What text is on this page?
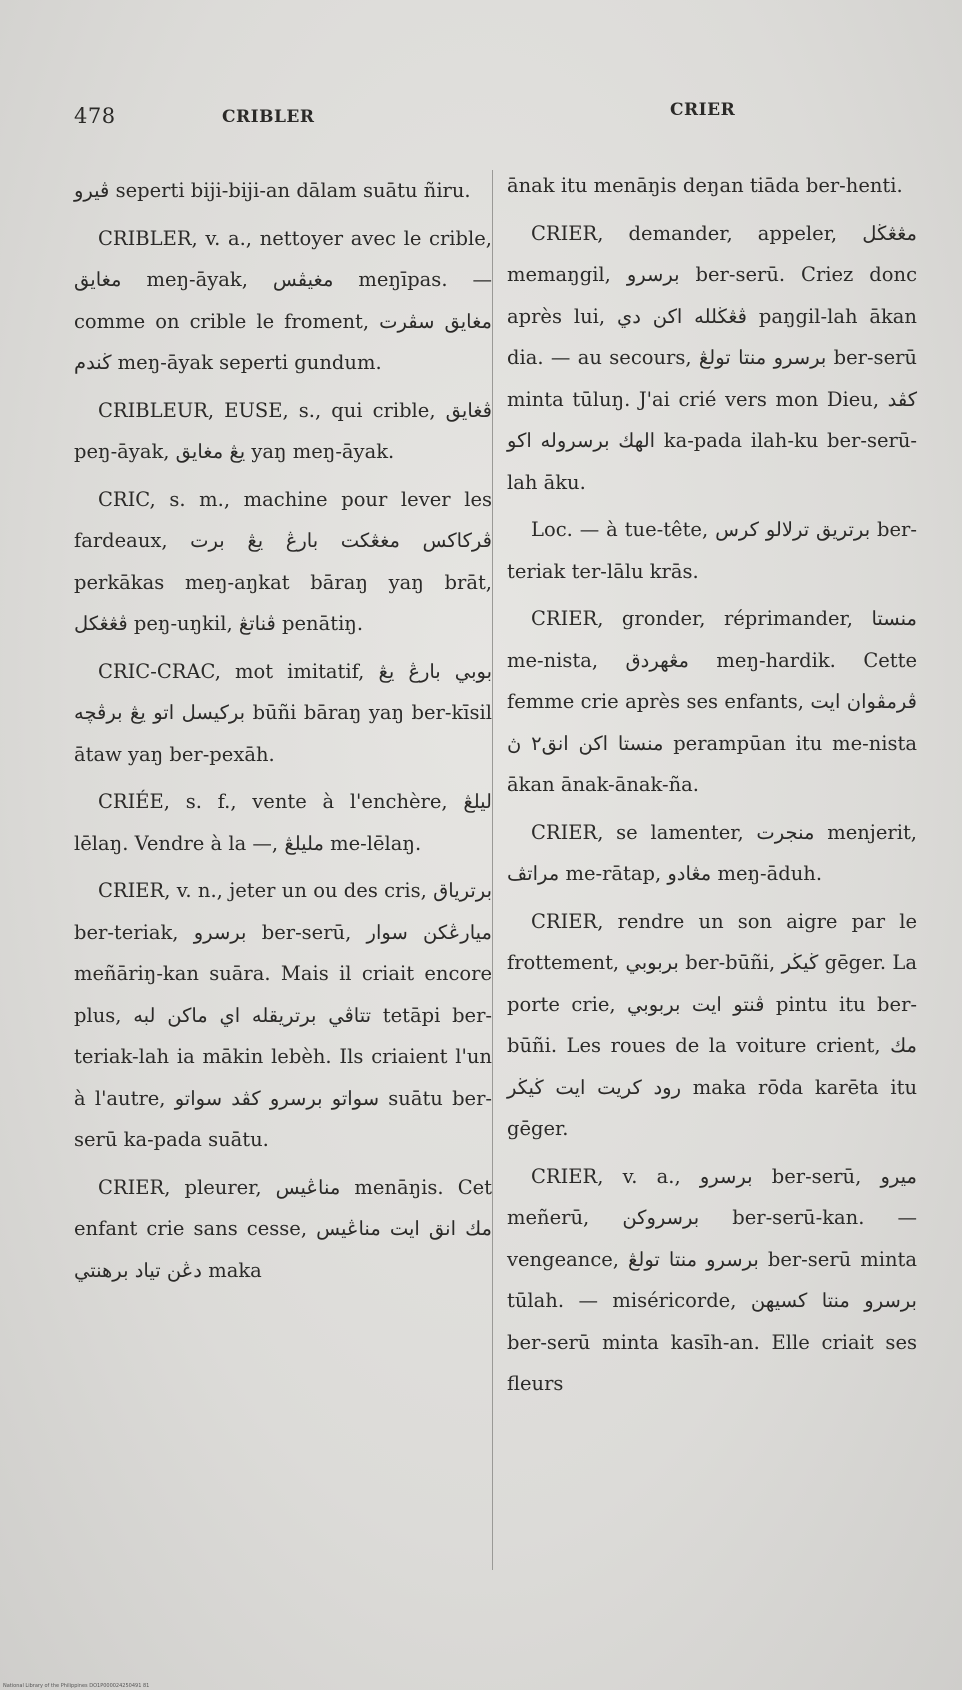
478	CRIBLER	CRIER

ڤيرو seperti biji-biji-an dālam suātu ñiru.

CRIBLER, v. a., nettoyer avec le crible, مغايق meŋ-āyak, مغيڤس meŋīpas. — comme on crible le froment, مغايق سڤرت ڬندم meŋ-āyak seperti gundum.

CRIBLEUR, EUSE, s., qui crible, ڤغايق peŋ-āyak, يڠ مغايق yaŋ meŋ-āyak.

CRIC, s. m., machine pour lever les fardeaux, ڤرکاکس مغڠکت بارڠ يڠ برت perkākas meŋ-aŋkat bāraŋ yaŋ brāt, ڤڠڠکل peŋ-uŋkil, ڤناتڠ penātiŋ.

CRIC-CRAC, mot imitatif, بوبي بارڠ يڠ برکيسل اتو يڠ برڤچه būñi bāraŋ yaŋ ber-kīsil ātaw yaŋ ber-pexāh.

CRIÉE, s. f., vente à l'enchère, ليلڠ lēlaŋ. Vendre à la —, مليلڠ me-lēlaŋ.

CRIER, v. n., jeter un ou des cris, برترياق ber-teriak, برسرو ber-serū, ميارڠکن سوار meñāriŋ-kan suāra. Mais il criait encore plus, تتاڤي برتريقله اي ماکن لبه tetāpi ber-teriak-lah ia mākin lebèh. Ils criaient l'un à l'autre, سواتو برسرو کڤد سواتو suātu ber-serū ka-pada suātu.

CRIER, pleurer, مناڠيس menāŋis. Cet enfant crie sans cesse, مك انق ايت مناڠيس دڠن تياد برهنتي maka

ānak itu menāŋis deŋan tiāda ber-henti.

CRIER, demander, appeler, مڠڠڬل memaŋgil, برسرو ber-serū. Criez donc après lui, ڤڠڬلله اکن دي paŋgil-lah ākan dia. — au secours, برسرو منتا تولڠ ber-serū minta tūluŋ. J'ai crié vers mon Dieu, کڤد الهك برسروله اکو ka-pada ilah-ku ber-serū-lah āku.

Loc. — à tue-tête, برتريق ترلالو کرس ber-teriak ter-lālu krās.

CRIER, gronder, réprimander, منستا me-nista, مڠهردق meŋ-hardik. Cette femme crie après ses enfants, ڤرمڤوان ايت منستا اکن انق٢ ڽ perampūan itu me-nista ākan ānak-ānak-ña.

CRIER, se lamenter, منجرت menjerit, مراتڤ me-rātap, مڠادو meŋ-āduh.

CRIER, rendre un son aigre par le frottement, بربوبي ber-būñi, ڬيڬر gēger. La porte crie, ڤنتو ايت بربوبي pintu itu ber-būñi. Les roues de la voiture crient, مك رود کريت ايت ڬيڬر maka rōda karēta itu gēger.

CRIER, v. a., برسرو ber-serū, ميرو meñerū, برسروکن ber-serū-kan. — vengeance, برسرو منتا تولڠ ber-serū minta tūlah. — miséricorde, برسرو منتا کسيهن ber-serū minta kasīh-an. Elle criait ses fleurs

National Library of the Philippines DO1P000024250491 81
